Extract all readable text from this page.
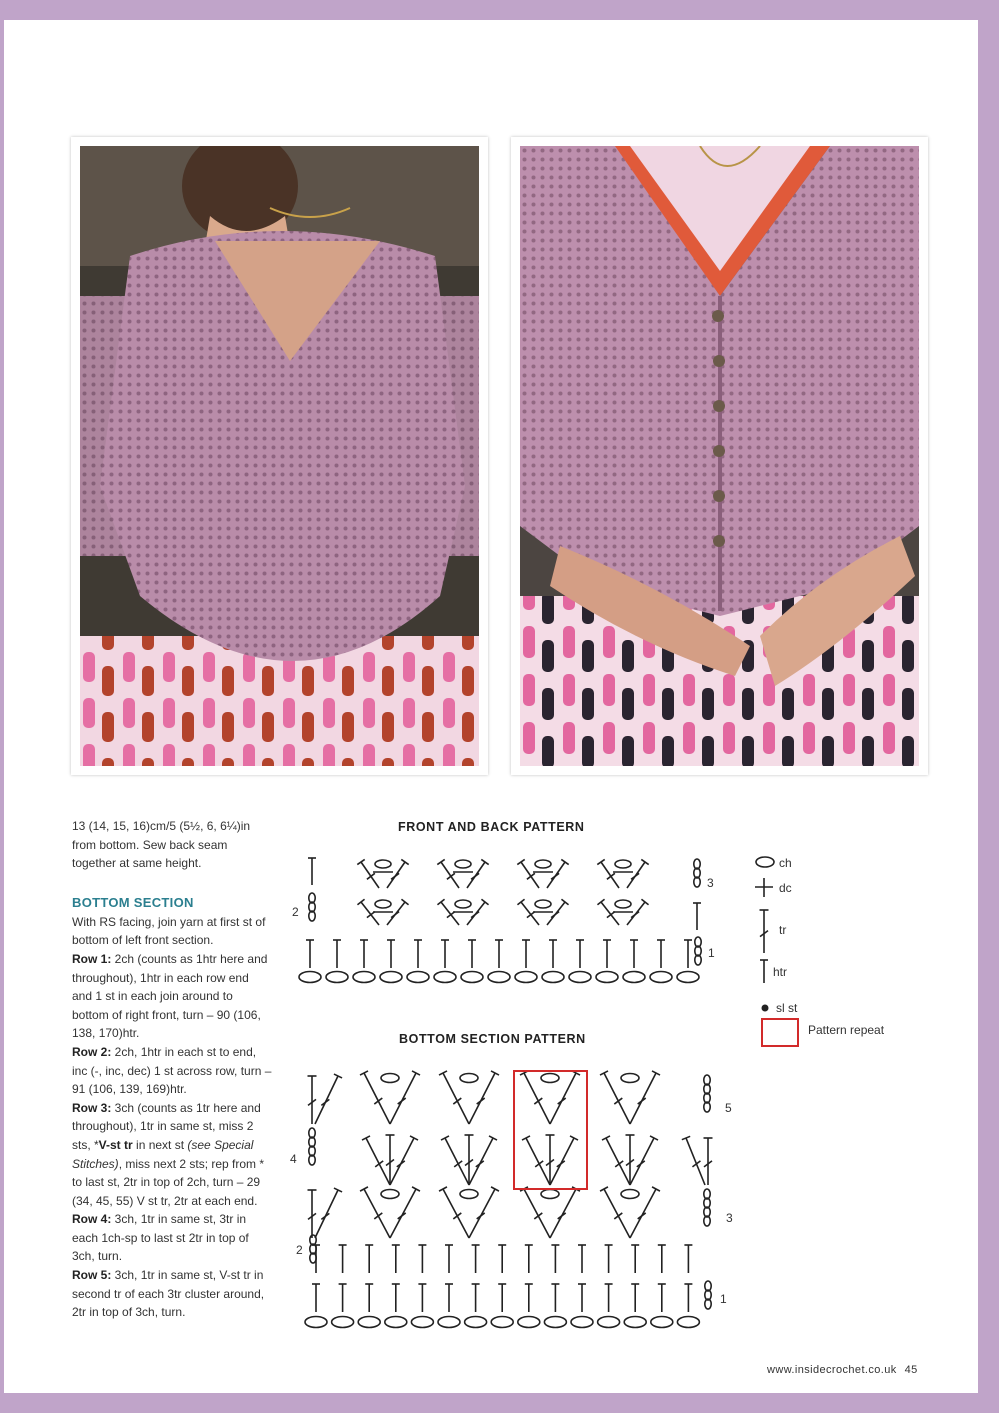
13 (14, 15, 16)cm/5 (5½, 6, 6¼)in from bottom. Sew back seam together at same height.

BOTTOM SECTION

With RS facing, join yarn at first st of bottom of left front section.

Row 1: 2ch (counts as 1htr here and throughout), 1htr in each row end and 1 st in each join around to bottom of right front, turn – 90 (106, 138, 170)htr.

Row 2: 2ch, 1htr in each st to end, inc (-, inc, dec) 1 st across row, turn – 91 (106, 139, 169)htr.

Row 3: 3ch (counts as 1tr here and throughout), 1tr in same st, miss 2 sts, *V-st tr in next st (see Special Stitches), miss next 2 sts; rep from * to last st, 2tr in top of 2ch, turn – 29 (34, 45, 55) V st tr, 2tr at each end.

Row 4: 3ch, 1tr in same st, 3tr in each 1ch-sp to last st 2tr in top of 3ch, turn.

Row 5: 3ch, 1tr in same st, V-st tr in second tr of each 3tr cluster around, 2tr in top of 3ch, turn.

FRONT AND BACK PATTERN
BOTTOM SECTION PATTERN
3
2
1
5
4
3
2
1
ch
dc
tr
htr
sl st
Pattern repeat
www.insidecrochet.co.uk 45
